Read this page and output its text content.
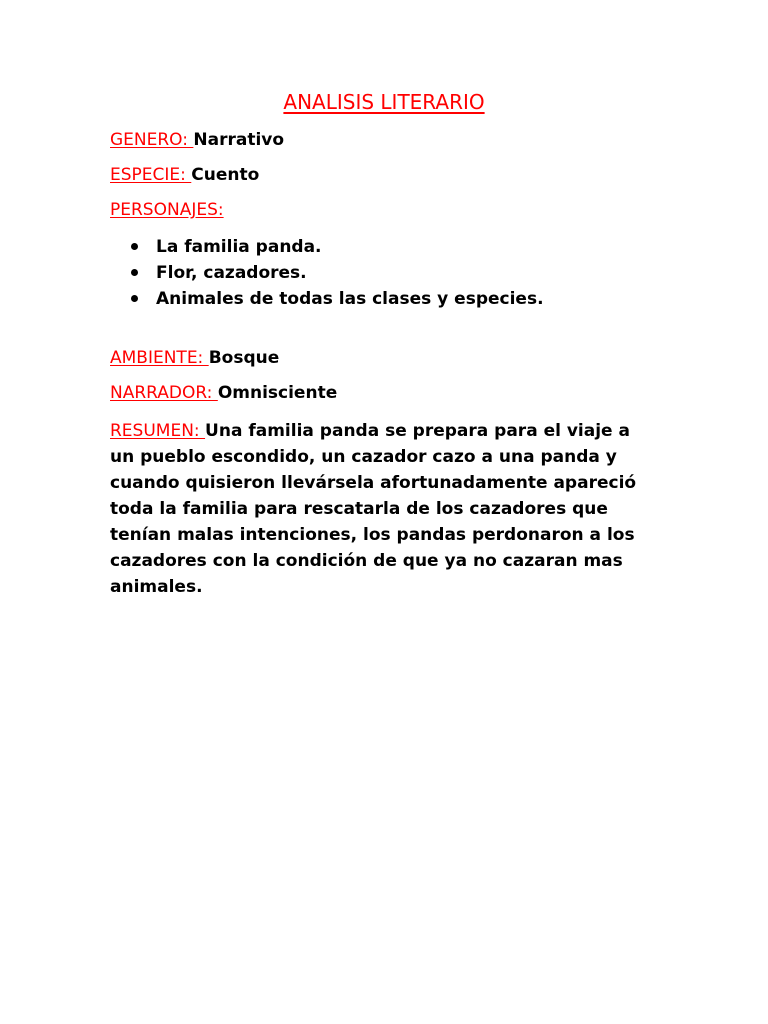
ANALISIS LITERARIO
GENERO: Narrativo
ESPECIE: Cuento
PERSONAJES:
La familia panda.
Flor, cazadores.
Animales de todas las clases y especies.
AMBIENTE: Bosque
NARRADOR: Omnisciente

RESUMEN: Una familia panda se prepara para el viaje a un pueblo escondido, un cazador cazo a una panda y cuando quisieron llevársela afortunadamente apareció toda la familia para rescatarla de los cazadores que tenían malas intenciones, los pandas perdonaron a los cazadores con la condición de que ya no cazaran mas animales.
